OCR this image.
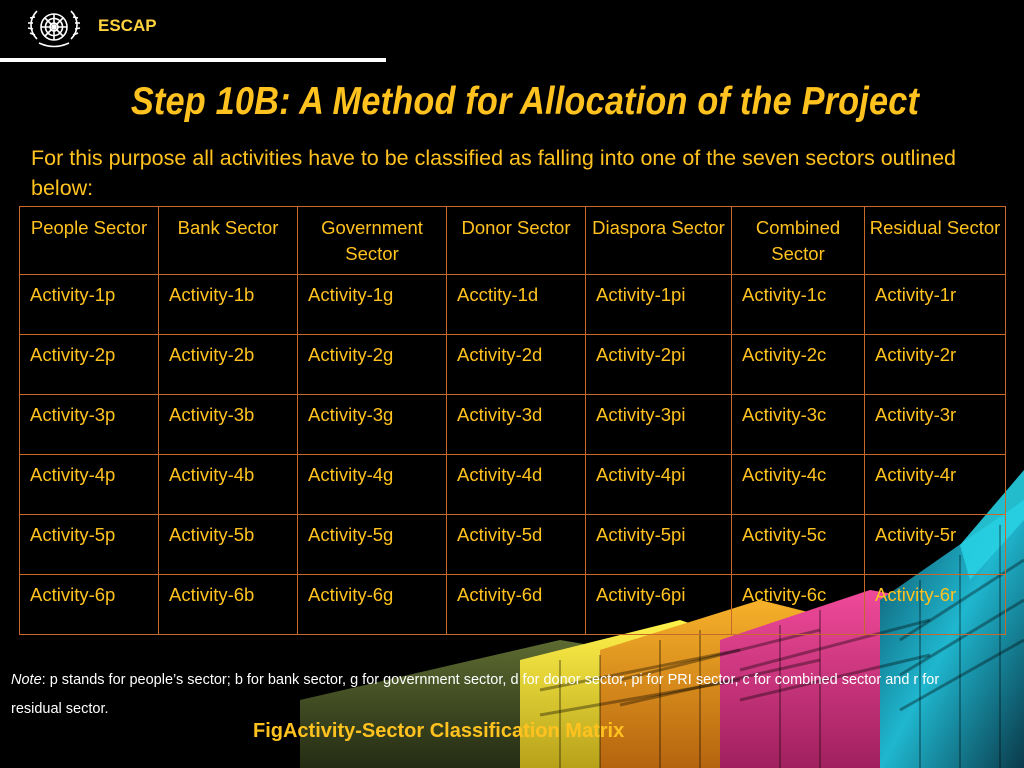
ESCAP
Step 10B: A Method for Allocation of the Project
For this purpose all activities have to be classified as falling into one of the seven sectors outlined below:
People Sector	Bank Sector	Government Sector	Donor Sector	Diaspora Sector	Combined Sector	Residual Sector
Activity-1p	Activity-1b	Activity-1g	Acctity-1d	Activity-1pi	Activity-1c	Activity-1r
Activity-2p	Activity-2b	Activity-2g	Activity-2d	Activity-2pi	Activity-2c	Activity-2r
Activity-3p	Activity-3b	Activity-3g	Activity-3d	Activity-3pi	Activity-3c	Activity-3r
Activity-4p	Activity-4b	Activity-4g	Activity-4d	Activity-4pi	Activity-4c	Activity-4r
Activity-5p	Activity-5b	Activity-5g	Activity-5d	Activity-5pi	Activity-5c	Activity-5r
Activity-6p	Activity-6b	Activity-6g	Activity-6d	Activity-6pi	Activity-6c	Activity-6r
Note: p stands for people’s sector; b for bank sector, g for government sector, d for donor sector, pi for PRI sector, c for combined sector and r for residual sector.
FigActivity-Sector Classification Matrix
